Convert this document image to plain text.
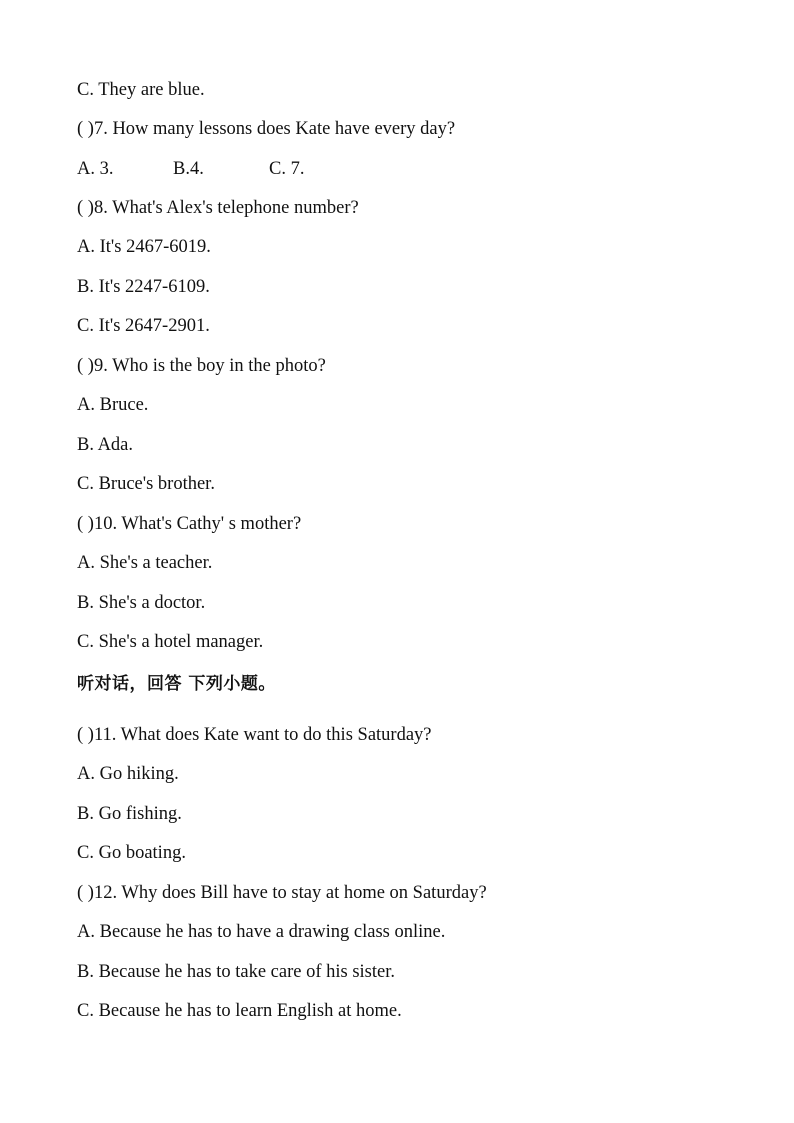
C. They are blue.
( )7. How many lessons does Kate have every day?
A. 3.	B.4.	C. 7.
( )8. What's Alex's telephone number?
A. It's 2467-6019.
B. It's 2247-6109.
C. It's 2647-2901.
( )9. Who is the boy in the photo?
A. Bruce.
B. Ada.
C. Bruce's brother.
( )10. What's Cathy' s mother?
A. She's a teacher.
B. She's a doctor.
C. She's a hotel manager.
听对话，回答 下列小题。
( )11. What does Kate want to do this Saturday?
A. Go hiking.
B. Go fishing.
C. Go boating.
( )12. Why does Bill have to stay at home on Saturday?
A. Because he has to have a drawing class online.
B. Because he has to take care of his sister.
C. Because he has to learn English at home.
